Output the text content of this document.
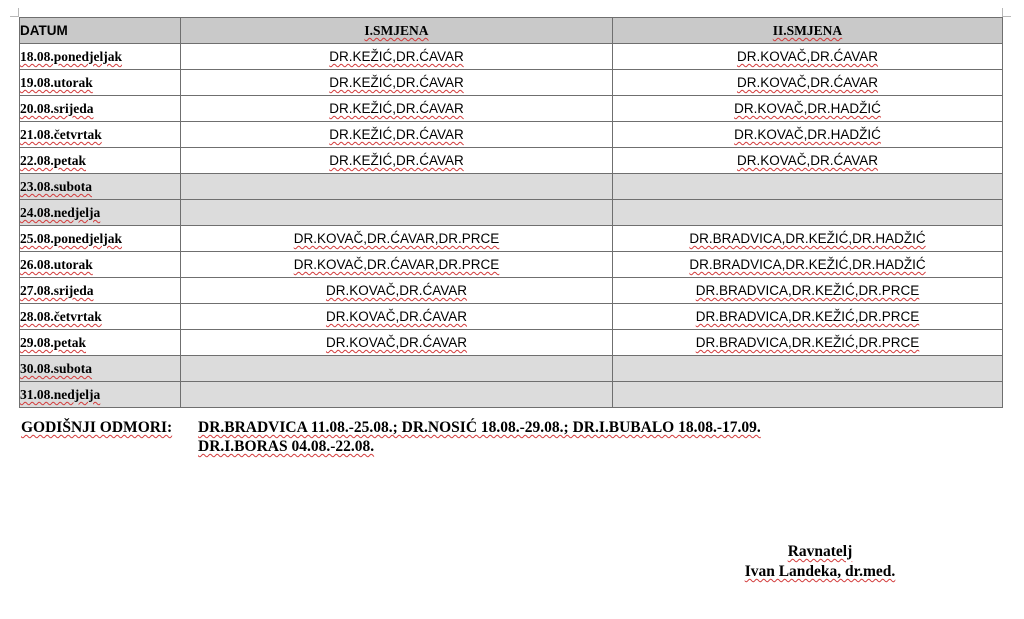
DATUM	I.SMJENA	II.SMJENA
18.08.ponedjeljak	DR.KEŽIĆ,DR.ĆAVAR	DR.KOVAČ,DR.ĆAVAR
19.08.utorak	DR.KEŽIĆ,DR.ĆAVAR	DR.KOVAČ,DR.ĆAVAR
20.08.srijeda	DR.KEŽIĆ,DR.ĆAVAR	DR.KOVAČ,DR.HADŽIĆ
21.08.četvrtak	DR.KEŽIĆ,DR.ĆAVAR	DR.KOVAČ,DR.HADŽIĆ
22.08.petak	DR.KEŽIĆ,DR.ĆAVAR	DR.KOVAČ,DR.ĆAVAR
23.08.subota		
24.08.nedjelja		
25.08.ponedjeljak	DR.KOVAČ,DR.ĆAVAR,DR.PRCE	DR.BRADVICA,DR.KEŽIĆ,DR.HADŽIĆ
26.08.utorak	DR.KOVAČ,DR.ĆAVAR,DR.PRCE	DR.BRADVICA,DR.KEŽIĆ,DR.HADŽIĆ
27.08.srijeda	DR.KOVAČ,DR.ĆAVAR	DR.BRADVICA,DR.KEŽIĆ,DR.PRCE
28.08.četvrtak	DR.KOVAČ,DR.ĆAVAR	DR.BRADVICA,DR.KEŽIĆ,DR.PRCE
29.08.petak	DR.KOVAČ,DR.ĆAVAR	DR.BRADVICA,DR.KEŽIĆ,DR.PRCE
30.08.subota		
31.08.nedjelja		
GODIŠNJI ODMORI: DR.BRADVICA 11.08.-25.08.; DR.NOSIĆ 18.08.-29.08.; DR.I.BUBALO 18.08.-17.09.
DR.I.BORAS 04.08.-22.08.
Ravnatelj
Ivan Landeka, dr.med.
